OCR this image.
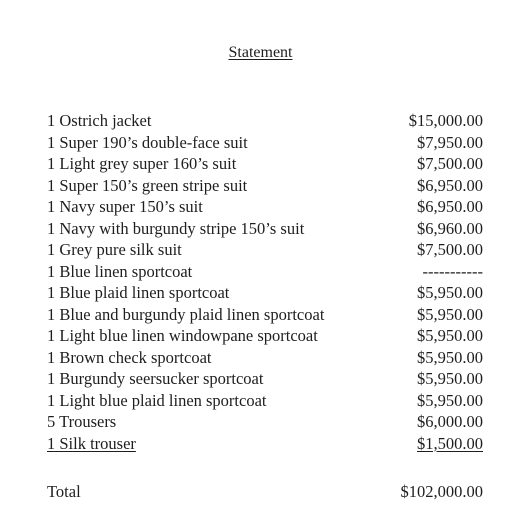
Statement
1 Ostrich jacket	$15,000.00
1 Super 190’s double-face suit	$7,950.00
1 Light grey super 160’s suit	$7,500.00
1 Super 150’s green stripe suit	$6,950.00
1 Navy super 150’s suit	$6,950.00
1 Navy with burgundy stripe 150’s suit	$6,960.00
1 Grey pure silk suit	$7,500.00
1 Blue linen sportcoat	-----------
1 Blue plaid linen sportcoat	$5,950.00
1 Blue and burgundy plaid linen sportcoat	$5,950.00
1 Light blue linen windowpane sportcoat	$5,950.00
1 Brown check sportcoat	$5,950.00
1 Burgundy seersucker sportcoat	$5,950.00
1 Light blue plaid linen sportcoat	$5,950.00
5 Trousers	$6,000.00
1 Silk trouser	$1,500.00
Total	$102,000.00
